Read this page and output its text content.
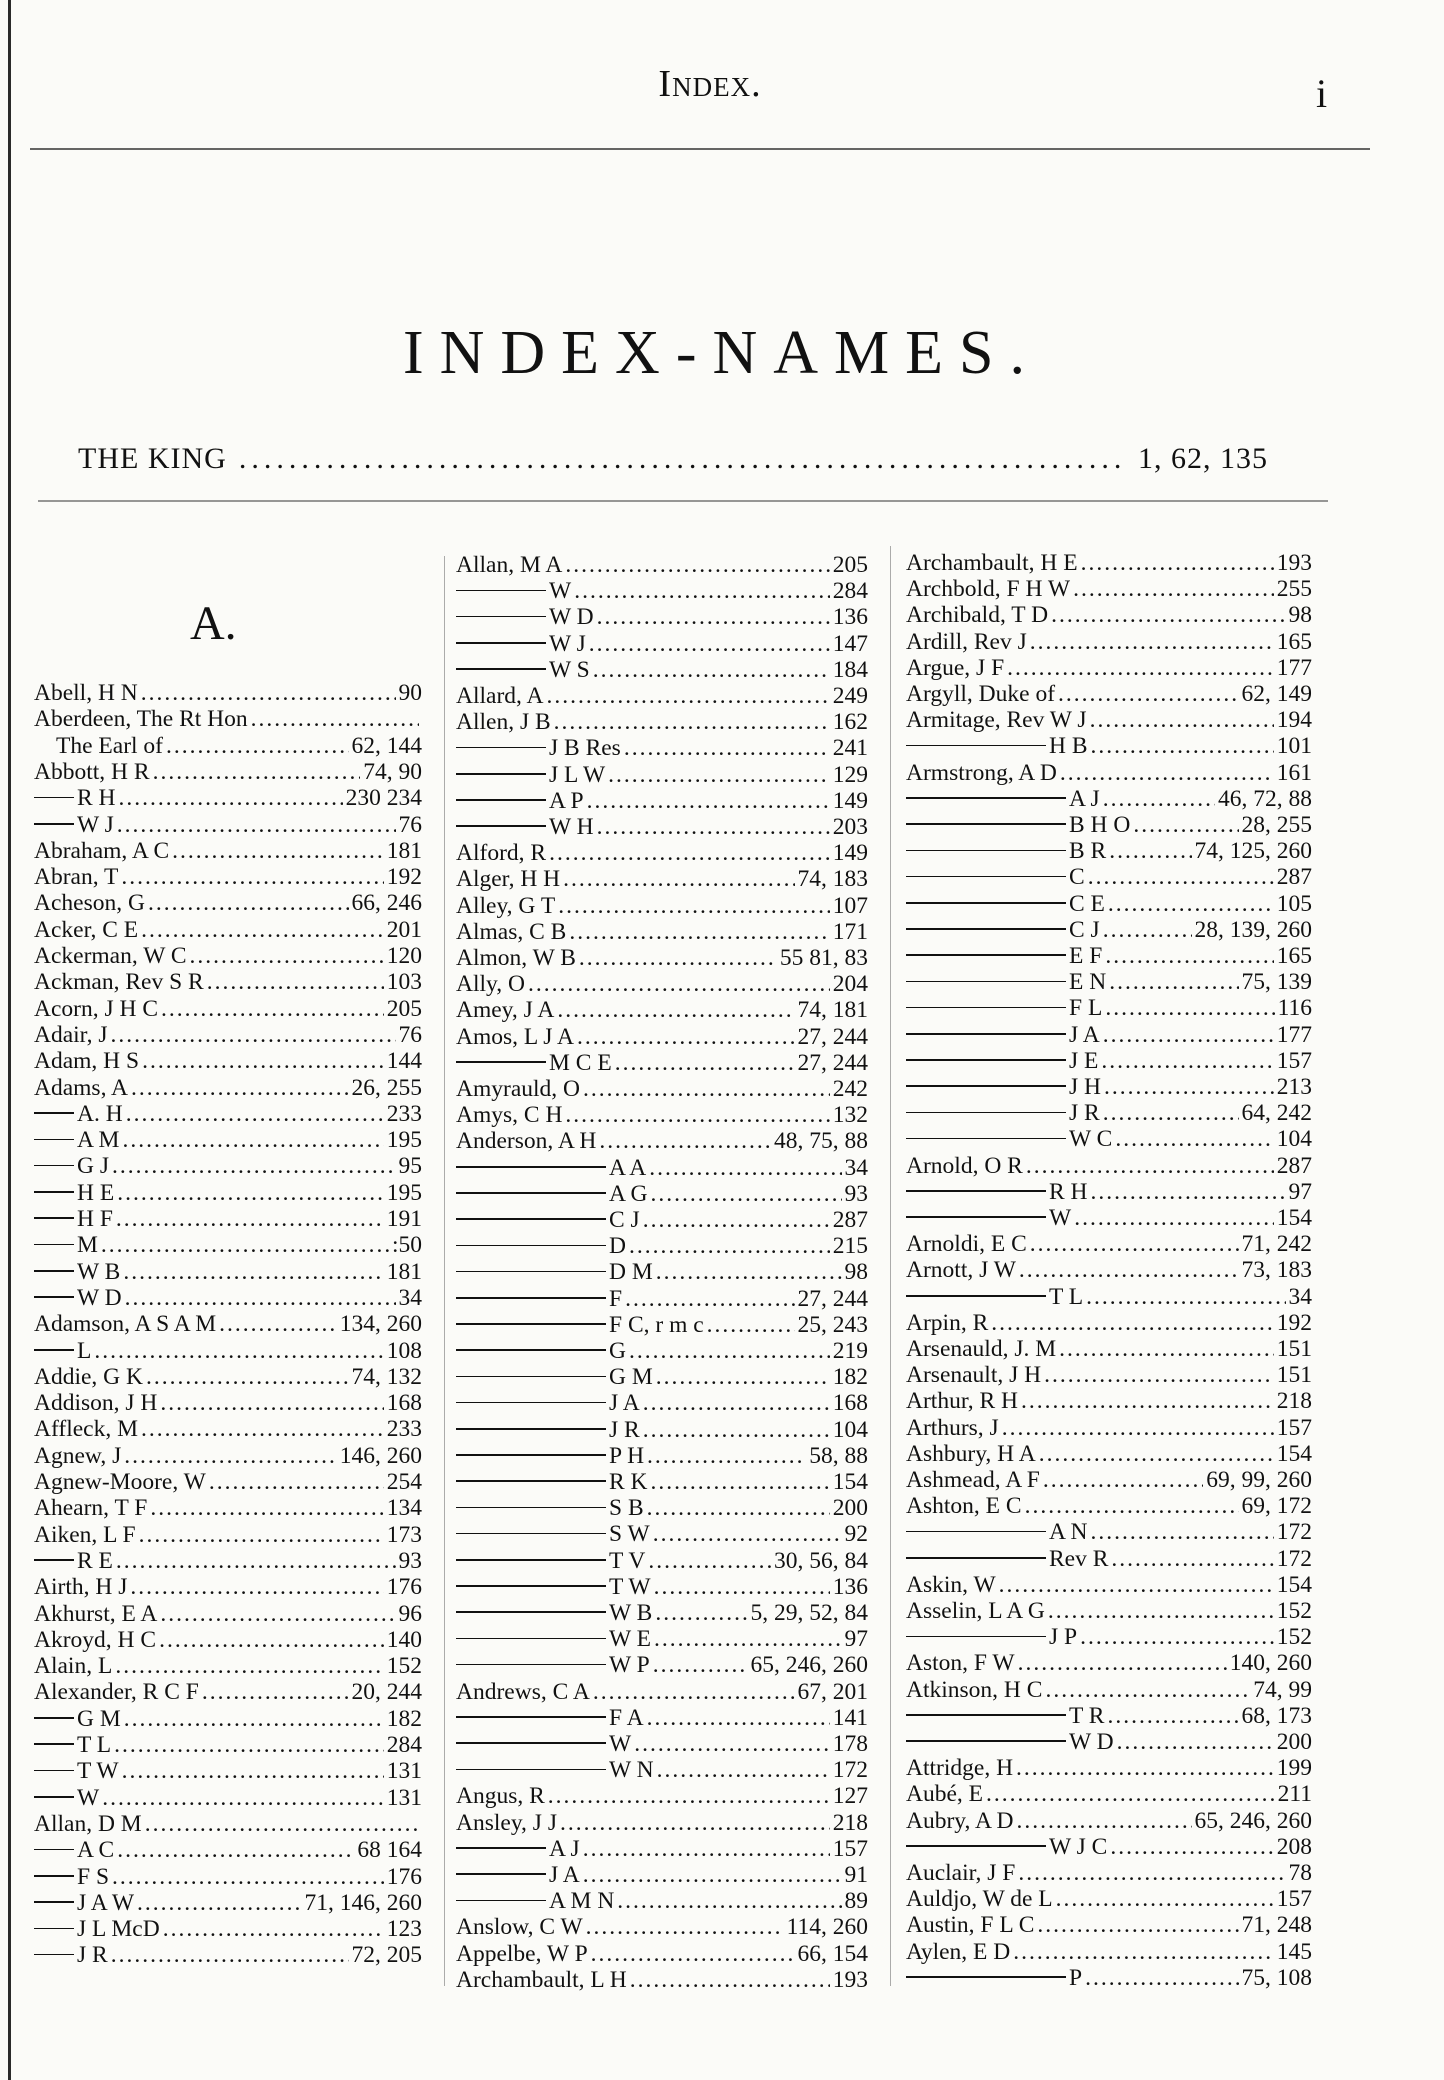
Index.	i
INDEX-NAMES.
THE KING .....	1, 62, 135
A.
Abell, H N .....	90
Aberdeen, The Rt Hon
.....
The Earl of .....	62, 144
Abbott, H R .....	74, 90
R H .....	230 234
W J .....	76
Abraham, A C .....	181
Abran, T .....	192
Acheson, G .....	66, 246
Acker, C E .....	201
Ackerman, W C .....	120
Ackman, Rev S R .....	103
Acorn, J H C .....	205
Adair, J .....	76
Adam, H S .....	144
Adams, A .....	26, 255
A. H .....	233
A M .....	195
G J .....	95
H E .....	195
H F .....	191
M .....	:50
W B .....	181
W D .....	34
Adamson, A S A M .....	134, 260
L .....	108
Addie, G K .....	74, 132
Addison, J H .....	168
Affleck, M .....	233
Agnew, J .....	146, 260
Agnew-Moore, W .....	254
Ahearn, T F .....	134
Aiken, L F .....	173
R E .....	93
Airth, H J .....	176
Akhurst, E A .....	96
Akroyd, H C .....	140
Alain, L .....	152
Alexander, R C F .....	20, 244
G M .....	182
T L .....	284
T W .....	131
W .....	131
Allan, D M
.....
A C .....	68 164
F S .....	176
J A W .....	71, 146, 260
J L McD .....	123
J R .....	72, 205
Allan, M A .....	205
W .....	284
W D .....	136
W J .....	147
W S .....	184
Allard, A .....	249
Allen, J B .....	162
J B Res .....	241
J L W .....	129
A P .....	149
W H .....	203
Alford, R .....	149
Alger, H H .....	74, 183
Alley, G T .....	107
Almas, C B .....	171
Almon, W B .....	55 81, 83
Ally, O .....	204
Amey, J A .....	74, 181
Amos, L J A .....	27, 244
M C E .....	27, 244
Amyrauld, O .....	242
Amys, C H .....	132
Anderson, A H .....	48, 75, 88
A A .....	34
A G .....	93
C J .....	287
D .....	215
D M .....	98
F .....	27, 244
F C, r m c .....	25, 243
G .....	219
G M .....	182
J A .....	168
J R .....	104
P H .....	58, 88
R K .....	154
S B .....	200
S W .....	92
T V .....	30, 56, 84
T W .....	136
W B .....	5, 29, 52, 84
W E .....	97
W P .....	65, 246, 260
Andrews, C A .....	67, 201
F A .....	141
W .....	178
W N .....	172
Angus, R .....	127
Ansley, J J .....	218
A J .....	157
J A .....	91
A M N .....	89
Anslow, C W .....	114, 260
Appelbe, W P .....	66, 154
Archambault, L H .....	193
Archambault, H E .....	193
Archbold, F H W .....	255
Archibald, T D .....	98
Ardill, Rev J .....	165
Argue, J F .....	177
Argyll, Duke of .....	62, 149
Armitage, Rev W J .....	194
H B .....	101
Armstrong, A D .....	161
A J .....	46, 72, 88
B H O .....	28, 255
B R .....	74, 125, 260
C .....	287
C E .....	105
C J .....	28, 139, 260
E F .....	165
E N .....	75, 139
F L .....	116
J A .....	177
J E .....	157
J H .....	213
J R .....	64, 242
W C .....	104
Arnold, O R .....	287
R H .....	97
W .....	154
Arnoldi, E C .....	71, 242
Arnott, J W .....	73, 183
T L .....	34
Arpin, R .....	192
Arsenauld, J. M .....	151
Arsenault, J H .....	151
Arthur, R H .....	218
Arthurs, J .....	157
Ashbury, H A .....	154
Ashmead, A F .....	69, 99, 260
Ashton, E C .....	69, 172
A N .....	172
Rev R .....	172
Askin, W .....	154
Asselin, L A G .....	152
J P .....	152
Aston, F W .....	140, 260
Atkinson, H C .....	74, 99
T R .....	68, 173
W D .....	200
Attridge, H .....	199
Aubé, E .....	211
Aubry, A D .....	65, 246, 260
W J C .....	208
Auclair, J F .....	78
Auldjo, W de L .....	157
Austin, F L C .....	71, 248
Aylen, E D .....	145
P .....	75, 108
